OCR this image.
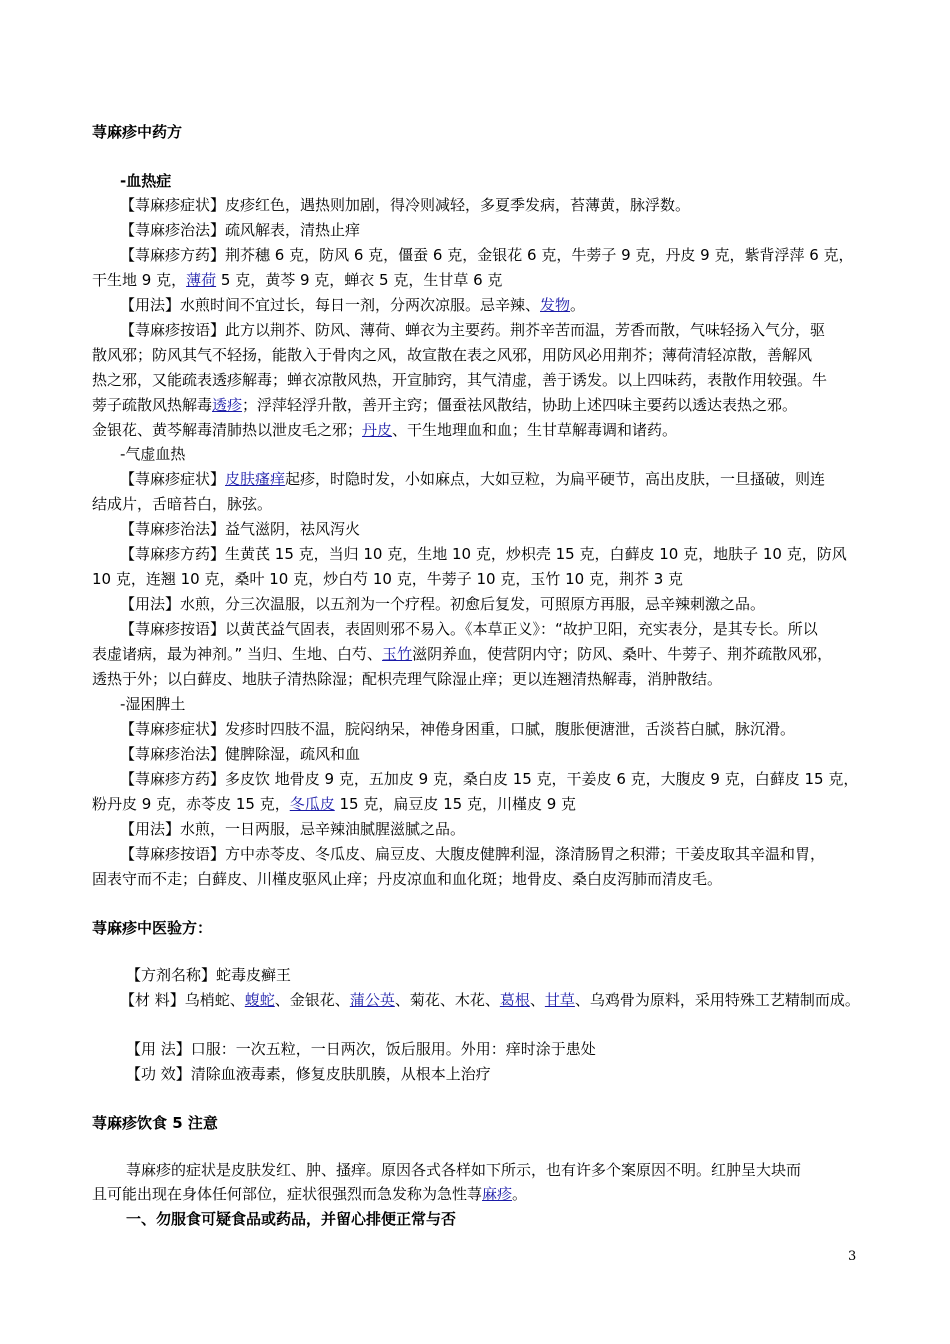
荨麻疹中药方
-血热症
【荨麻疹症状】皮疹红色，遇热则加剧，得冷则减轻，多夏季发病，苔薄黄，脉浮数。
【荨麻疹治法】疏风解表，清热止痒
【荨麻疹方药】荆芥穗 6 克，防风 6 克，僵蚕 6 克，金银花 6 克，牛蒡子 9 克，丹皮 9 克，紫背浮萍 6 克，
干生地 9 克，薄荷 5 克，黄芩 9 克，蝉衣 5 克，生甘草 6 克
【用法】水煎时间不宜过长，每日一剂，分两次凉服。忌辛辣、发物。
【荨麻疹按语】此方以荆芥、防风、薄荷、蝉衣为主要药。荆芥辛苦而温，芳香而散，气味轻扬入气分，驱
散风邪；防风其气不轻扬，能散入于骨肉之风，故宣散在表之风邪，用防风必用荆芥；薄荷清轻凉散，善解风
热之邪，又能疏表透疹解毒；蝉衣凉散风热，开宣肺窍，其气清虚，善于诱发。以上四味药，表散作用较强。牛
蒡子疏散风热解毒透疹；浮萍轻浮升散，善开主窍；僵蚕祛风散结，协助上述四味主要药以透达表热之邪。
金银花、黄芩解毒清肺热以泄皮毛之邪；丹皮、干生地理血和血；生甘草解毒调和诸药。
-气虚血热
【荨麻疹症状】皮肤瘙痒起疹，时隐时发，小如麻点，大如豆粒，为扁平硬节，高出皮肤，一旦搔破，则连
结成片，舌暗苔白，脉弦。
【荨麻疹治法】益气滋阴，祛风泻火
【荨麻疹方药】生黄芪 15 克，当归 10 克，生地 10 克，炒枳壳 15 克，白藓皮 10 克，地肤子 10 克，防风
10 克，连翘 10 克，桑叶 10 克，炒白芍 10 克，牛蒡子 10 克，玉竹 10 克，荆芥 3 克
【用法】水煎，分三次温服，以五剂为一个疗程。初愈后复发，可照原方再服，忌辛辣刺激之品。
【荨麻疹按语】以黄芪益气固表，表固则邪不易入。《本草正义》：“故护卫阳，充实表分，是其专长。所以
表虚诸病，最为神剂。” 当归、生地、白芍、玉竹滋阴养血，使营阴内守；防风、桑叶、牛蒡子、荆芥疏散风邪，
透热于外；以白藓皮、地肤子清热除湿；配枳壳理气除湿止痒；更以连翘清热解毒，消肿散结。
-湿困脾土
【荨麻疹症状】发疹时四肢不温，脘闷纳呆，神倦身困重，口腻，腹胀便溏泄，舌淡苔白腻，脉沉滑。
【荨麻疹治法】健脾除湿，疏风和血
【荨麻疹方药】多皮饮 地骨皮 9 克，五加皮 9 克，桑白皮 15 克，干姜皮 6 克，大腹皮 9 克，白藓皮 15 克，
粉丹皮 9 克，赤苓皮 15 克，冬瓜皮 15 克，扁豆皮 15 克，川槿皮 9 克
【用法】水煎，一日两服，忌辛辣油腻腥滋腻之品。
【荨麻疹按语】方中赤苓皮、冬瓜皮、扁豆皮、大腹皮健脾利湿，涤清肠胃之积滞；干姜皮取其辛温和胃，
固表守而不走；白藓皮、川槿皮驱风止痒；丹皮凉血和血化斑；地骨皮、桑白皮泻肺而清皮毛。
荨麻疹中医验方：
【方剂名称】蛇毒皮癣王
【材 料】乌梢蛇、蝮蛇、金银花、蒲公英、菊花、木花、葛根、甘草、乌鸡骨为原料，采用特殊工艺精制而成。
【用 法】口服：一次五粒，一日两次，饭后服用。外用：痒时涂于患处
【功 效】清除血液毒素，修复皮肤肌腠，从根本上治疗
荨麻疹饮食 5 注意
荨麻疹的症状是皮肤发红、肿、搔痒。原因各式各样如下所示，也有许多个案原因不明。红肿呈大块而
且可能出现在身体任何部位，症状很强烈而急发称为急性荨麻疹。
一、勿服食可疑食品或药品，并留心排便正常与否
3
